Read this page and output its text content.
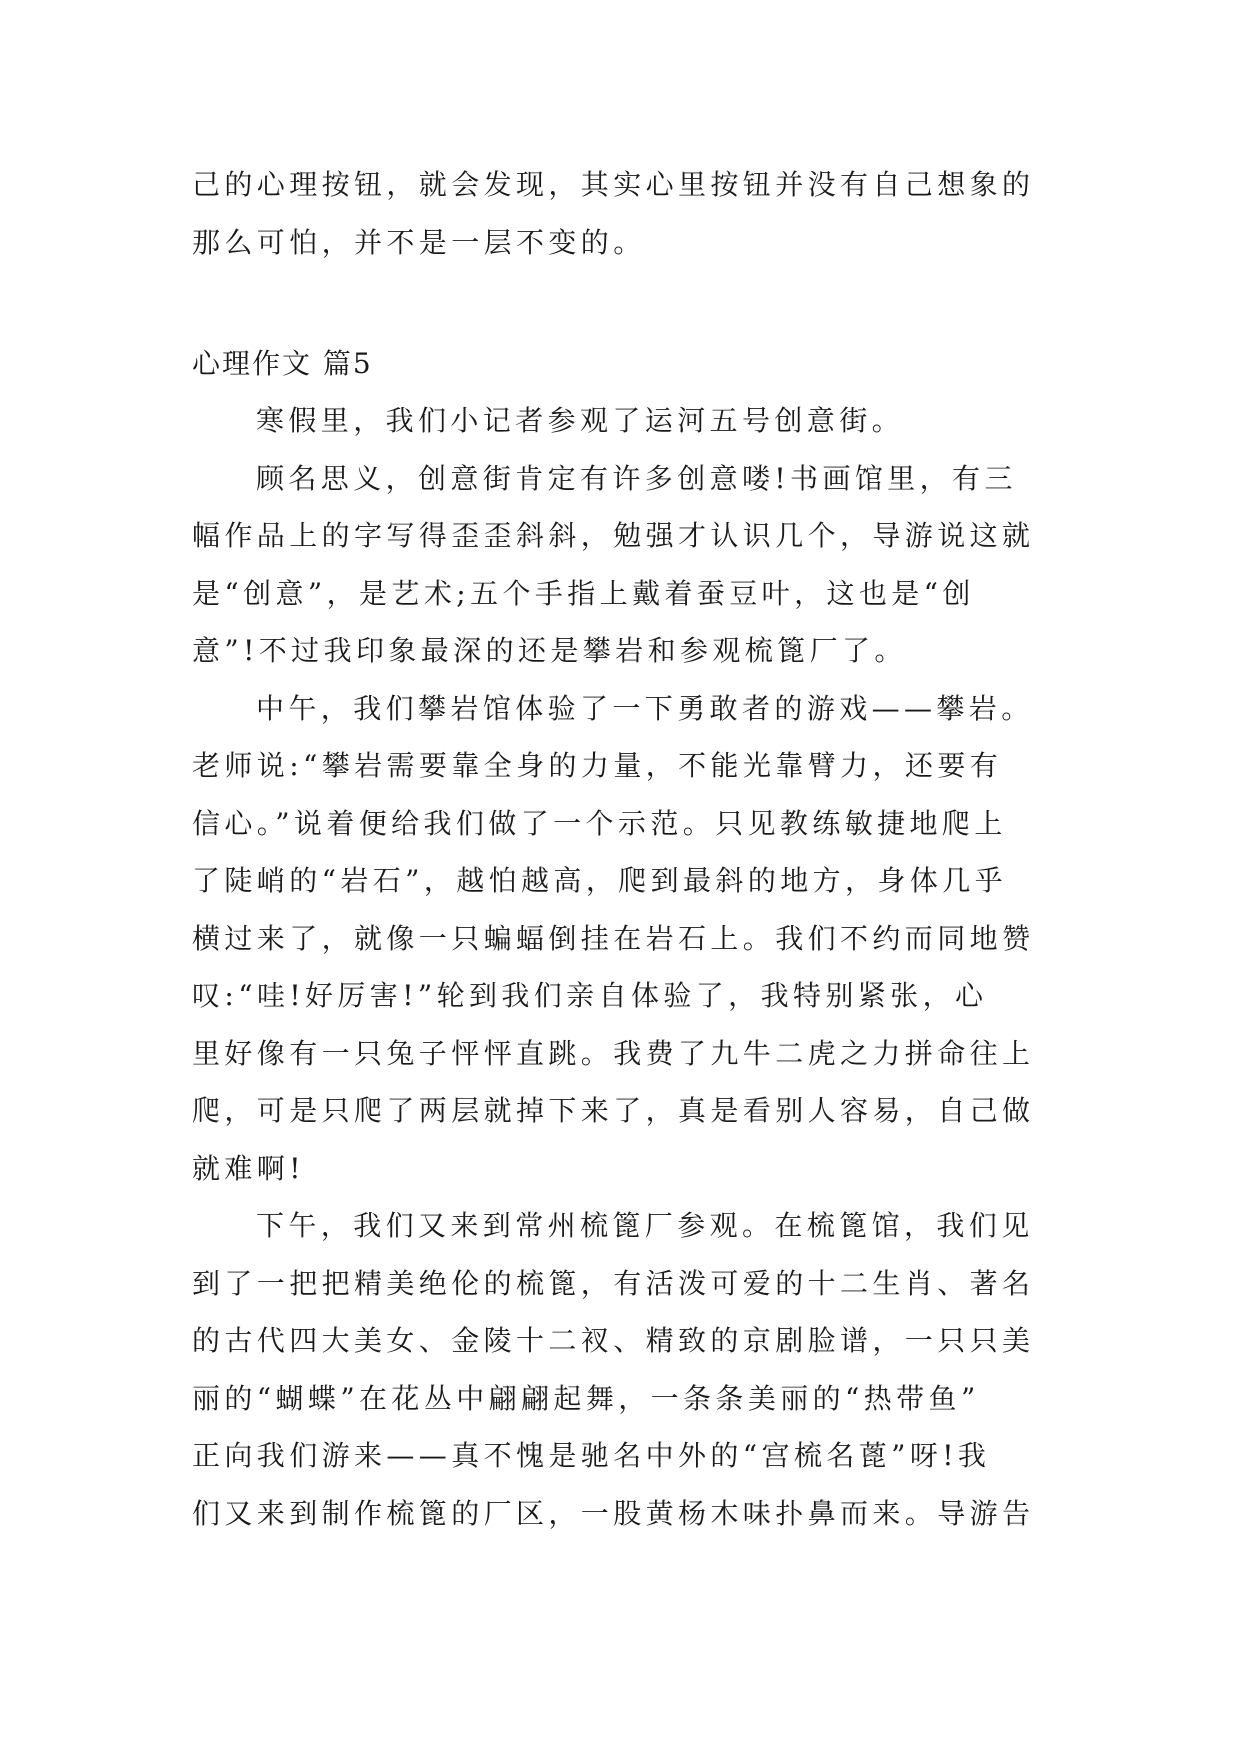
己的心理按钮，就会发现，其实心里按钮并没有自己想象的
那么可怕，并不是一层不变的。
心理作文 篇5
寒假里，我们小记者参观了运河五号创意街。
顾名思义，创意街肯定有许多创意喽!书画馆里，有三
幅作品上的字写得歪歪斜斜，勉强才认识几个，导游说这就
是“创意”，是艺术;五个手指上戴着蚕豆叶，这也是“创
意”!不过我印象最深的还是攀岩和参观梳篦厂了。
中午，我们攀岩馆体验了一下勇敢者的游戏——攀岩。
老师说:“攀岩需要靠全身的力量，不能光靠臂力，还要有
信心。”说着便给我们做了一个示范。只见教练敏捷地爬上
了陡峭的“岩石”，越怕越高，爬到最斜的地方，身体几乎
横过来了，就像一只蝙蝠倒挂在岩石上。我们不约而同地赞
叹:“哇!好厉害!”轮到我们亲自体验了，我特别紧张，心
里好像有一只兔子怦怦直跳。我费了九牛二虎之力拼命往上
爬，可是只爬了两层就掉下来了，真是看别人容易，自己做
就难啊!
下午，我们又来到常州梳篦厂参观。在梳篦馆，我们见
到了一把把精美绝伦的梳篦，有活泼可爱的十二生肖、著名
的古代四大美女、金陵十二衩、精致的京剧脸谱，一只只美
丽的“蝴蝶”在花丛中翩翩起舞，一条条美丽的“热带鱼”
正向我们游来——真不愧是驰名中外的“宫梳名蓖”呀!我
们又来到制作梳篦的厂区，一股黄杨木味扑鼻而来。导游告
